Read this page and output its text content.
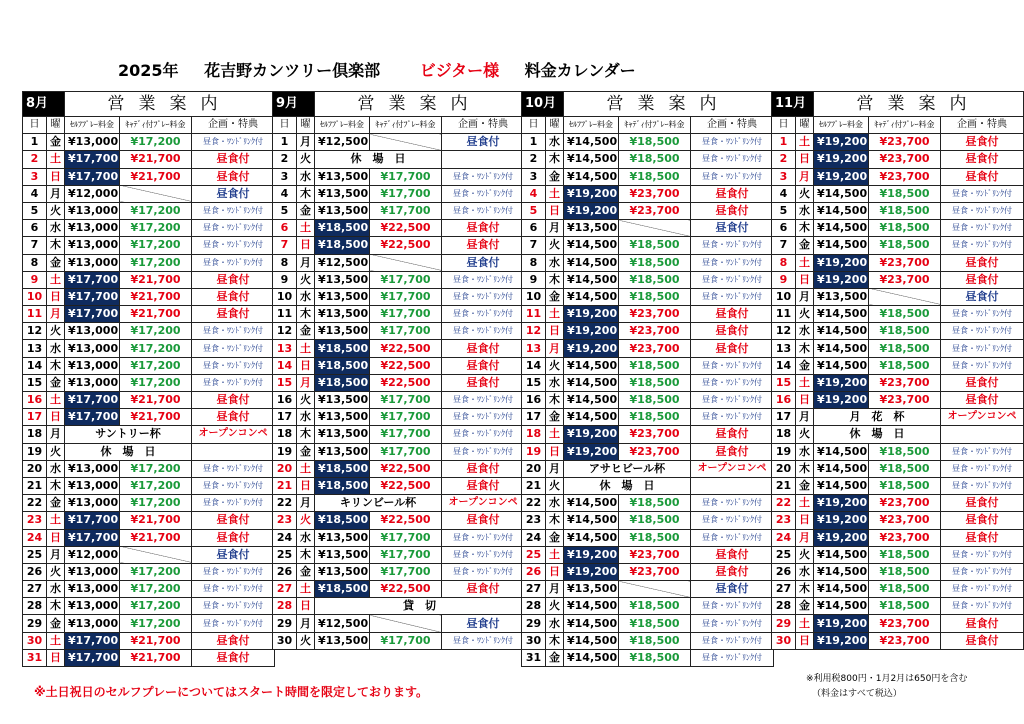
2025年 花吉野カンツリー倶楽部 ビジター様 料金カレンダー
8月		営業案内		
日	曜	ｾﾙﾌﾌﾟﾚｰ料金	ｷｬﾃﾞｨ付ﾌﾟﾚｰ料金	企画・特典
1	金	¥13,000	¥17,200	昼食・ﾜﾝﾄﾞﾘﾝｸ付
2	土	¥17,700	¥21,700	昼食付
3	日	¥17,700	¥21,700	昼食付
4	月	¥12,000		昼食付
5	火	¥13,000	¥17,200	昼食・ﾜﾝﾄﾞﾘﾝｸ付
6	水	¥13,000	¥17,200	昼食・ﾜﾝﾄﾞﾘﾝｸ付
7	木	¥13,000	¥17,200	昼食・ﾜﾝﾄﾞﾘﾝｸ付
8	金	¥13,000	¥17,200	昼食・ﾜﾝﾄﾞﾘﾝｸ付
9	土	¥17,700	¥21,700	昼食付
10	日	¥17,700	¥21,700	昼食付
11	月	¥17,700	¥21,700	昼食付
12	火	¥13,000	¥17,200	昼食・ﾜﾝﾄﾞﾘﾝｸ付
13	水	¥13,000	¥17,200	昼食・ﾜﾝﾄﾞﾘﾝｸ付
14	木	¥13,000	¥17,200	昼食・ﾜﾝﾄﾞﾘﾝｸ付
15	金	¥13,000	¥17,200	昼食・ﾜﾝﾄﾞﾘﾝｸ付
16	土	¥17,700	¥21,700	昼食付
17	日	¥17,700	¥21,700	昼食付
18	月	サントリー杯		オープンコンペ
19	火	休　場　日		
20	水	¥13,000	¥17,200	昼食・ﾜﾝﾄﾞﾘﾝｸ付
21	木	¥13,000	¥17,200	昼食・ﾜﾝﾄﾞﾘﾝｸ付
22	金	¥13,000	¥17,200	昼食・ﾜﾝﾄﾞﾘﾝｸ付
23	土	¥17,700	¥21,700	昼食付
24	日	¥17,700	¥21,700	昼食付
25	月	¥12,000		昼食付
26	火	¥13,000	¥17,200	昼食・ﾜﾝﾄﾞﾘﾝｸ付
27	水	¥13,000	¥17,200	昼食・ﾜﾝﾄﾞﾘﾝｸ付
28	木	¥13,000	¥17,200	昼食・ﾜﾝﾄﾞﾘﾝｸ付
29	金	¥13,000	¥17,200	昼食・ﾜﾝﾄﾞﾘﾝｸ付
30	土	¥17,700	¥21,700	昼食付
31	日	¥17,700	¥21,700	昼食付
9月		営業案内		
日	曜	ｾﾙﾌﾌﾟﾚｰ料金	ｷｬﾃﾞｨ付ﾌﾟﾚｰ料金	企画・特典
1	月	¥12,500		昼食付
2	火	休　場　日		
3	水	¥13,500	¥17,700	昼食・ﾜﾝﾄﾞﾘﾝｸ付
4	木	¥13,500	¥17,700	昼食・ﾜﾝﾄﾞﾘﾝｸ付
5	金	¥13,500	¥17,700	昼食・ﾜﾝﾄﾞﾘﾝｸ付
6	土	¥18,500	¥22,500	昼食付
7	日	¥18,500	¥22,500	昼食付
8	月	¥12,500		昼食付
9	火	¥13,500	¥17,700	昼食・ﾜﾝﾄﾞﾘﾝｸ付
10	水	¥13,500	¥17,700	昼食・ﾜﾝﾄﾞﾘﾝｸ付
11	木	¥13,500	¥17,700	昼食・ﾜﾝﾄﾞﾘﾝｸ付
12	金	¥13,500	¥17,700	昼食・ﾜﾝﾄﾞﾘﾝｸ付
13	土	¥18,500	¥22,500	昼食付
14	日	¥18,500	¥22,500	昼食付
15	月	¥18,500	¥22,500	昼食付
16	火	¥13,500	¥17,700	昼食・ﾜﾝﾄﾞﾘﾝｸ付
17	水	¥13,500	¥17,700	昼食・ﾜﾝﾄﾞﾘﾝｸ付
18	木	¥13,500	¥17,700	昼食・ﾜﾝﾄﾞﾘﾝｸ付
19	金	¥13,500	¥17,700	昼食・ﾜﾝﾄﾞﾘﾝｸ付
20	土	¥18,500	¥22,500	昼食付
21	日	¥18,500	¥22,500	昼食付
22	月	キリンビール杯		オープンコンペ
23	火	¥18,500	¥22,500	昼食付
24	水	¥13,500	¥17,700	昼食・ﾜﾝﾄﾞﾘﾝｸ付
25	木	¥13,500	¥17,700	昼食・ﾜﾝﾄﾞﾘﾝｸ付
26	金	¥13,500	¥17,700	昼食・ﾜﾝﾄﾞﾘﾝｸ付
27	土	¥18,500	¥22,500	昼食付
28	日	貸　切		
29	月	¥12,500		昼食付
30	火	¥13,500	¥17,700	昼食・ﾜﾝﾄﾞﾘﾝｸ付
10月		営業案内		
日	曜	ｾﾙﾌﾌﾟﾚｰ料金	ｷｬﾃﾞｨ付ﾌﾟﾚｰ料金	企画・特典
1	水	¥14,500	¥18,500	昼食・ﾜﾝﾄﾞﾘﾝｸ付
2	木	¥14,500	¥18,500	昼食・ﾜﾝﾄﾞﾘﾝｸ付
3	金	¥14,500	¥18,500	昼食・ﾜﾝﾄﾞﾘﾝｸ付
4	土	¥19,200	¥23,700	昼食付
5	日	¥19,200	¥23,700	昼食付
6	月	¥13,500		昼食付
7	火	¥14,500	¥18,500	昼食・ﾜﾝﾄﾞﾘﾝｸ付
8	水	¥14,500	¥18,500	昼食・ﾜﾝﾄﾞﾘﾝｸ付
9	木	¥14,500	¥18,500	昼食・ﾜﾝﾄﾞﾘﾝｸ付
10	金	¥14,500	¥18,500	昼食・ﾜﾝﾄﾞﾘﾝｸ付
11	土	¥19,200	¥23,700	昼食付
12	日	¥19,200	¥23,700	昼食付
13	月	¥19,200	¥23,700	昼食付
14	火	¥14,500	¥18,500	昼食・ﾜﾝﾄﾞﾘﾝｸ付
15	水	¥14,500	¥18,500	昼食・ﾜﾝﾄﾞﾘﾝｸ付
16	木	¥14,500	¥18,500	昼食・ﾜﾝﾄﾞﾘﾝｸ付
17	金	¥14,500	¥18,500	昼食・ﾜﾝﾄﾞﾘﾝｸ付
18	土	¥19,200	¥23,700	昼食付
19	日	¥19,200	¥23,700	昼食付
20	月	アサヒビール杯		オープンコンペ
21	火	休　場　日		
22	水	¥14,500	¥18,500	昼食・ﾜﾝﾄﾞﾘﾝｸ付
23	木	¥14,500	¥18,500	昼食・ﾜﾝﾄﾞﾘﾝｸ付
24	金	¥14,500	¥18,500	昼食・ﾜﾝﾄﾞﾘﾝｸ付
25	土	¥19,200	¥23,700	昼食付
26	日	¥19,200	¥23,700	昼食付
27	月	¥13,500		昼食付
28	火	¥14,500	¥18,500	昼食・ﾜﾝﾄﾞﾘﾝｸ付
29	水	¥14,500	¥18,500	昼食・ﾜﾝﾄﾞﾘﾝｸ付
30	木	¥14,500	¥18,500	昼食・ﾜﾝﾄﾞﾘﾝｸ付
31	金	¥14,500	¥18,500	昼食・ﾜﾝﾄﾞﾘﾝｸ付
11月		営業案内		
日	曜	ｾﾙﾌﾌﾟﾚｰ料金	ｷｬﾃﾞｨ付ﾌﾟﾚｰ料金	企画・特典
1	土	¥19,200	¥23,700	昼食付
2	日	¥19,200	¥23,700	昼食付
3	月	¥19,200	¥23,700	昼食付
4	火	¥14,500	¥18,500	昼食・ﾜﾝﾄﾞﾘﾝｸ付
5	水	¥14,500	¥18,500	昼食・ﾜﾝﾄﾞﾘﾝｸ付
6	木	¥14,500	¥18,500	昼食・ﾜﾝﾄﾞﾘﾝｸ付
7	金	¥14,500	¥18,500	昼食・ﾜﾝﾄﾞﾘﾝｸ付
8	土	¥19,200	¥23,700	昼食付
9	日	¥19,200	¥23,700	昼食付
10	月	¥13,500		昼食付
11	火	¥14,500	¥18,500	昼食・ﾜﾝﾄﾞﾘﾝｸ付
12	水	¥14,500	¥18,500	昼食・ﾜﾝﾄﾞﾘﾝｸ付
13	木	¥14,500	¥18,500	昼食・ﾜﾝﾄﾞﾘﾝｸ付
14	金	¥14,500	¥18,500	昼食・ﾜﾝﾄﾞﾘﾝｸ付
15	土	¥19,200	¥23,700	昼食付
16	日	¥19,200	¥23,700	昼食付
17	月	月　花　杯		オープンコンペ
18	火	休　場　日		
19	水	¥14,500	¥18,500	昼食・ﾜﾝﾄﾞﾘﾝｸ付
20	木	¥14,500	¥18,500	昼食・ﾜﾝﾄﾞﾘﾝｸ付
21	金	¥14,500	¥18,500	昼食・ﾜﾝﾄﾞﾘﾝｸ付
22	土	¥19,200	¥23,700	昼食付
23	日	¥19,200	¥23,700	昼食付
24	月	¥19,200	¥23,700	昼食付
25	火	¥14,500	¥18,500	昼食・ﾜﾝﾄﾞﾘﾝｸ付
26	水	¥14,500	¥18,500	昼食・ﾜﾝﾄﾞﾘﾝｸ付
27	木	¥14,500	¥18,500	昼食・ﾜﾝﾄﾞﾘﾝｸ付
28	金	¥14,500	¥18,500	昼食・ﾜﾝﾄﾞﾘﾝｸ付
29	土	¥19,200	¥23,700	昼食付
30	日	¥19,200	¥23,700	昼食付
※土日祝日のセルフプレーについてはスタート時間を限定しております。
※利用税800円・1月2月は650円を含む
（料金はすべて税込）
